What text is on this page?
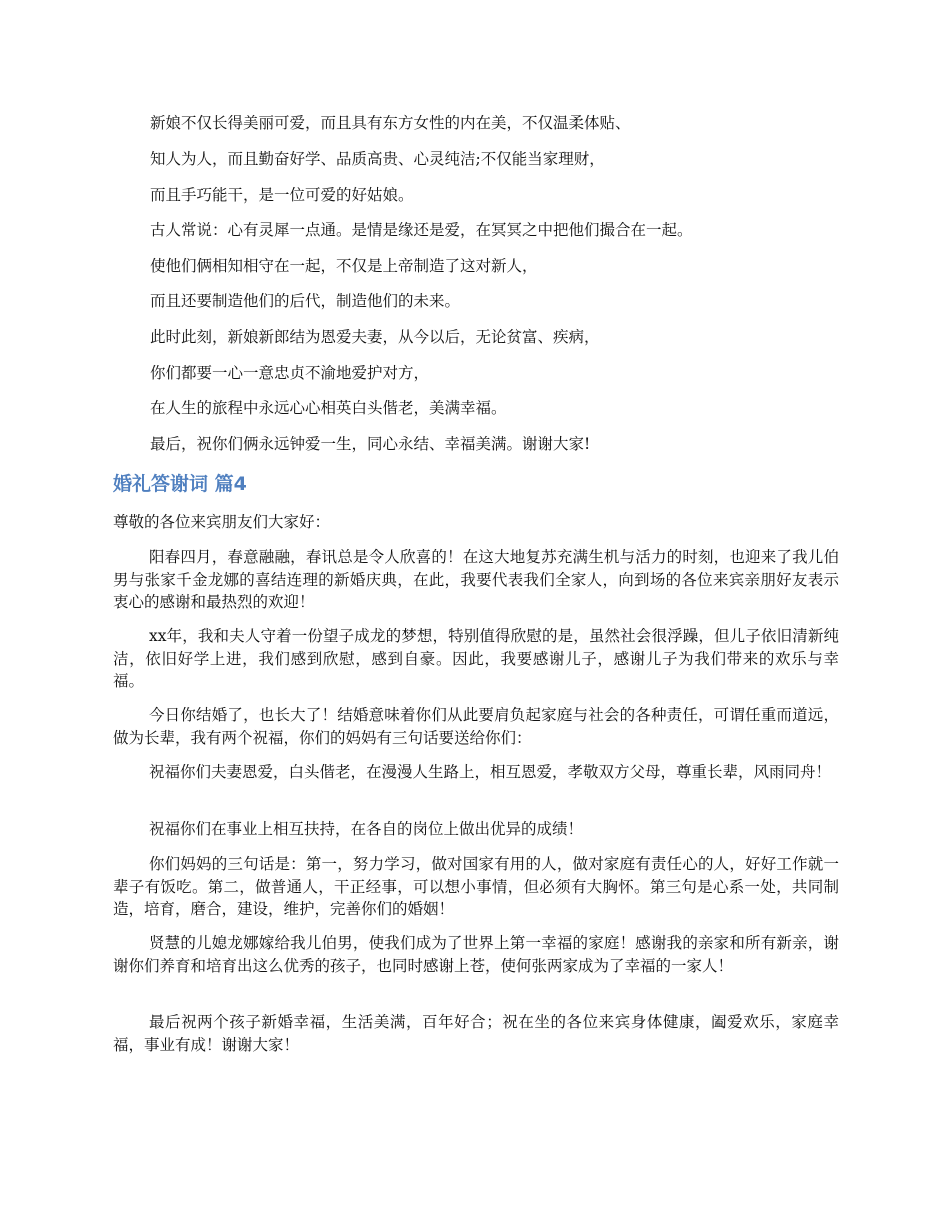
新娘不仅长得美丽可爱，而且具有东方女性的内在美，不仅温柔体贴、
知人为人，而且勤奋好学、品质高贵、心灵纯洁;不仅能当家理财，
而且手巧能干，是一位可爱的好姑娘。
古人常说：心有灵犀一点通。是情是缘还是爱，在冥冥之中把他们撮合在一起。
使他们俩相知相守在一起，不仅是上帝制造了这对新人，
而且还要制造他们的后代，制造他们的未来。
此时此刻，新娘新郎结为恩爱夫妻，从今以后，无论贫富、疾病，
你们都要一心一意忠贞不渝地爱护对方，
在人生的旅程中永远心心相英白头偕老，美满幸福。
最后，祝你们俩永远钟爱一生，同心永结、幸福美满。谢谢大家!
婚礼答谢词 篇4
尊敬的各位来宾朋友们大家好：
阳春四月，春意融融，春讯总是令人欣喜的！在这大地复苏充满生机与活力的时刻，也迎来了我儿伯男与张家千金龙娜的喜结连理的新婚庆典，在此，我要代表我们全家人，向到场的各位来宾亲朋好友表示衷心的感谢和最热烈的欢迎！
xx年，我和夫人守着一份望子成龙的梦想，特别值得欣慰的是，虽然社会很浮躁，但儿子依旧清新纯洁，依旧好学上进，我们感到欣慰，感到自豪。因此，我要感谢儿子，感谢儿子为我们带来的欢乐与幸福。
今日你结婚了，也长大了！结婚意味着你们从此要肩负起家庭与社会的各种责任，可谓任重而道远，做为长辈，我有两个祝福，你们的妈妈有三句话要送给你们：
祝福你们夫妻恩爱，白头偕老，在漫漫人生路上，相互恩爱，孝敬双方父母，尊重长辈，风雨同舟！
祝福你们在事业上相互扶持，在各自的岗位上做出优异的成绩！
你们妈妈的三句话是：第一，努力学习，做对国家有用的人，做对家庭有责任心的人，好好工作就一辈子有饭吃。第二，做普通人，干正经事，可以想小事情，但必须有大胸怀。第三句是心系一处，共同制造，培育，磨合，建设，维护，完善你们的婚姻！
贤慧的儿媳龙娜嫁给我儿伯男，使我们成为了世界上第一幸福的家庭！感谢我的亲家和所有新亲，谢谢你们养育和培育出这么优秀的孩子，也同时感谢上苍，使何张两家成为了幸福的一家人！
最后祝两个孩子新婚幸福，生活美满，百年好合；祝在坐的各位来宾身体健康，阖爱欢乐，家庭幸福，事业有成！谢谢大家！
